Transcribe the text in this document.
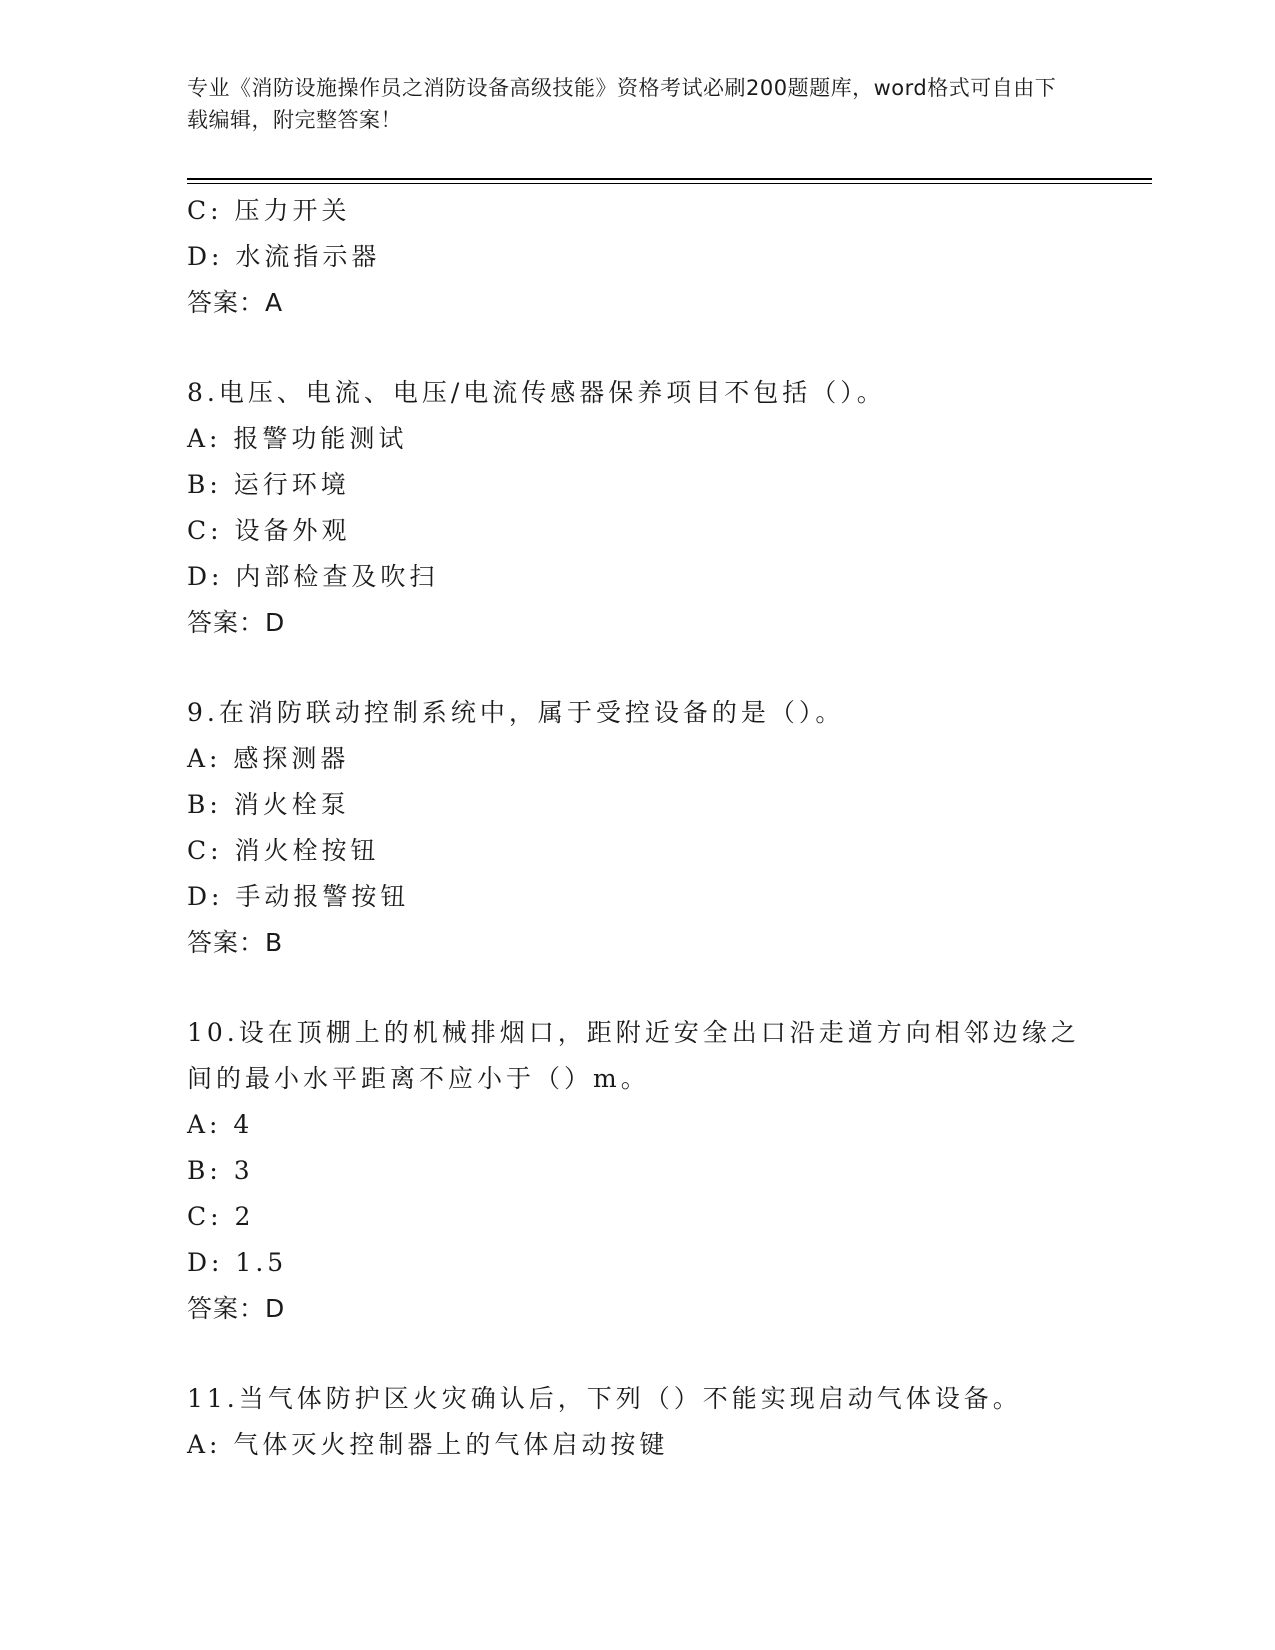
专业《消防设施操作员之消防设备高级技能》资格考试必刷200题题库，word格式可自由下载编辑，附完整答案！
C: 压力开关
D: 水流指示器
答案：A
8.电压、电流、电压/电流传感器保养项目不包括（）。
A: 报警功能测试
B: 运行环境
C: 设备外观
D: 内部检查及吹扫
答案：D
9.在消防联动控制系统中，属于受控设备的是（）。
A: 感探测器
B: 消火栓泵
C: 消火栓按钮
D: 手动报警按钮
答案：B
10.设在顶棚上的机械排烟口，距附近安全出口沿走道方向相邻边缘之间的最小水平距离不应小于（）m。
A: 4
B: 3
C: 2
D: 1.5
答案：D
11.当气体防护区火灾确认后，下列（）不能实现启动气体设备。
A: 气体灭火控制器上的气体启动按键
